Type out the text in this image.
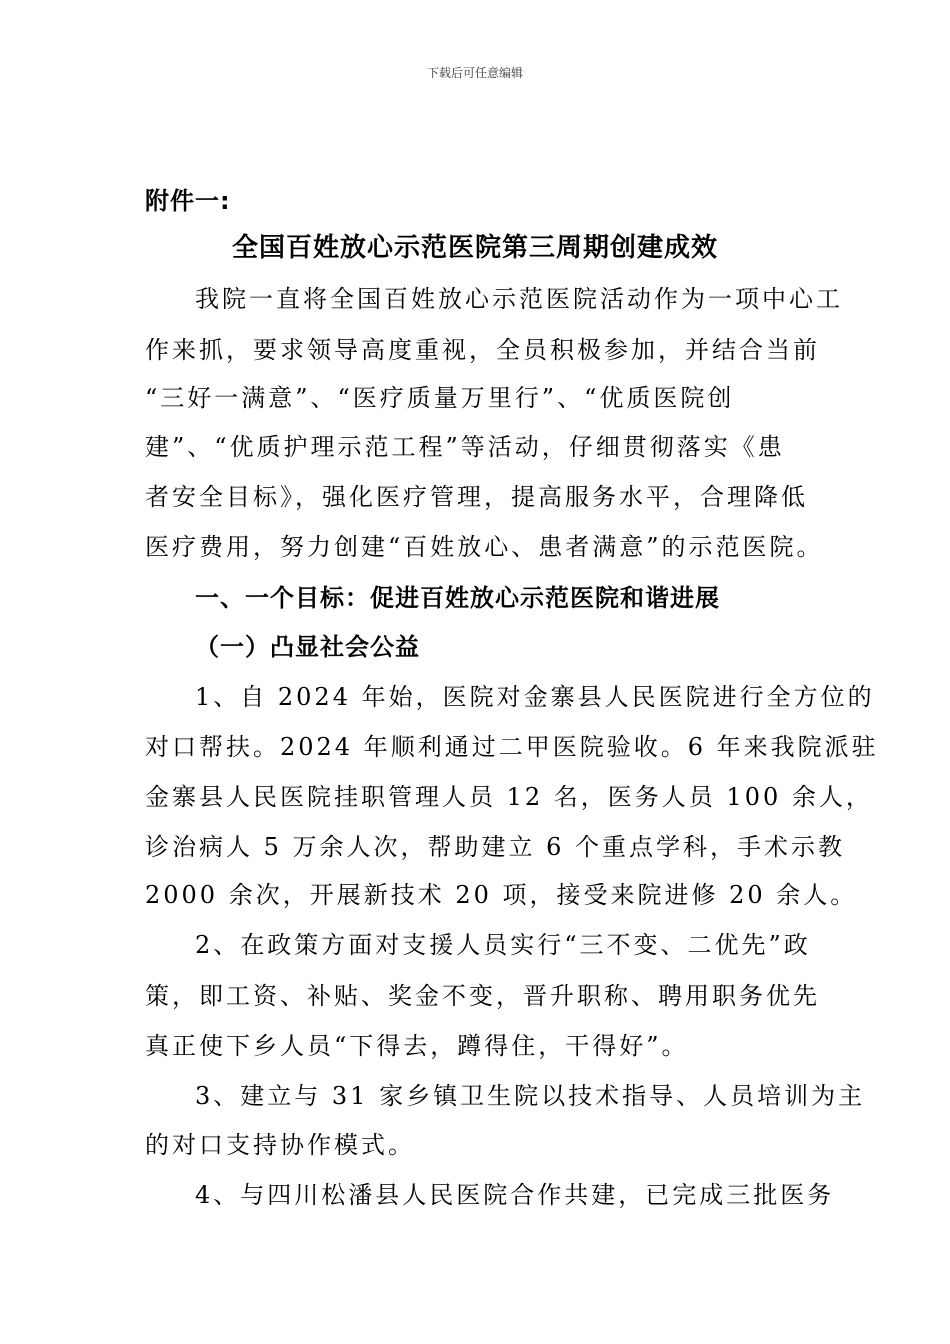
下载后可任意编辑
附件一:
全国百姓放心示范医院第三周期创建成效
我院一直将全国百姓放心示范医院活动作为一项中心工
作来抓，要求领导高度重视，全员积极参加，并结合当前
“三好一满意”、“医疗质量万里行”、“优质医院创
建”、“优质护理示范工程”等活动，仔细贯彻落实《患
者安全目标》，强化医疗管理，提高服务水平，合理降低
医疗费用，努力创建“百姓放心、患者满意”的示范医院。
一、一个目标：促进百姓放心示范医院和谐进展
（一）凸显社会公益
1、自 2024 年始，医院对金寨县人民医院进行全方位的
对口帮扶。2024 年顺利通过二甲医院验收。6 年来我院派驻
金寨县人民医院挂职管理人员 12 名，医务人员 100 余人，
诊治病人 5 万余人次，帮助建立 6 个重点学科，手术示教
2000 余次，开展新技术 20 项，接受来院进修 20 余人。
2、在政策方面对支援人员实行“三不变、二优先”政
策，即工资、补贴、奖金不变，晋升职称、聘用职务优先
真正使下乡人员“下得去，蹲得住，干得好”。
3、建立与 31 家乡镇卫生院以技术指导、人员培训为主
的对口支持协作模式。
4、与四川松潘县人民医院合作共建，已完成三批医务
